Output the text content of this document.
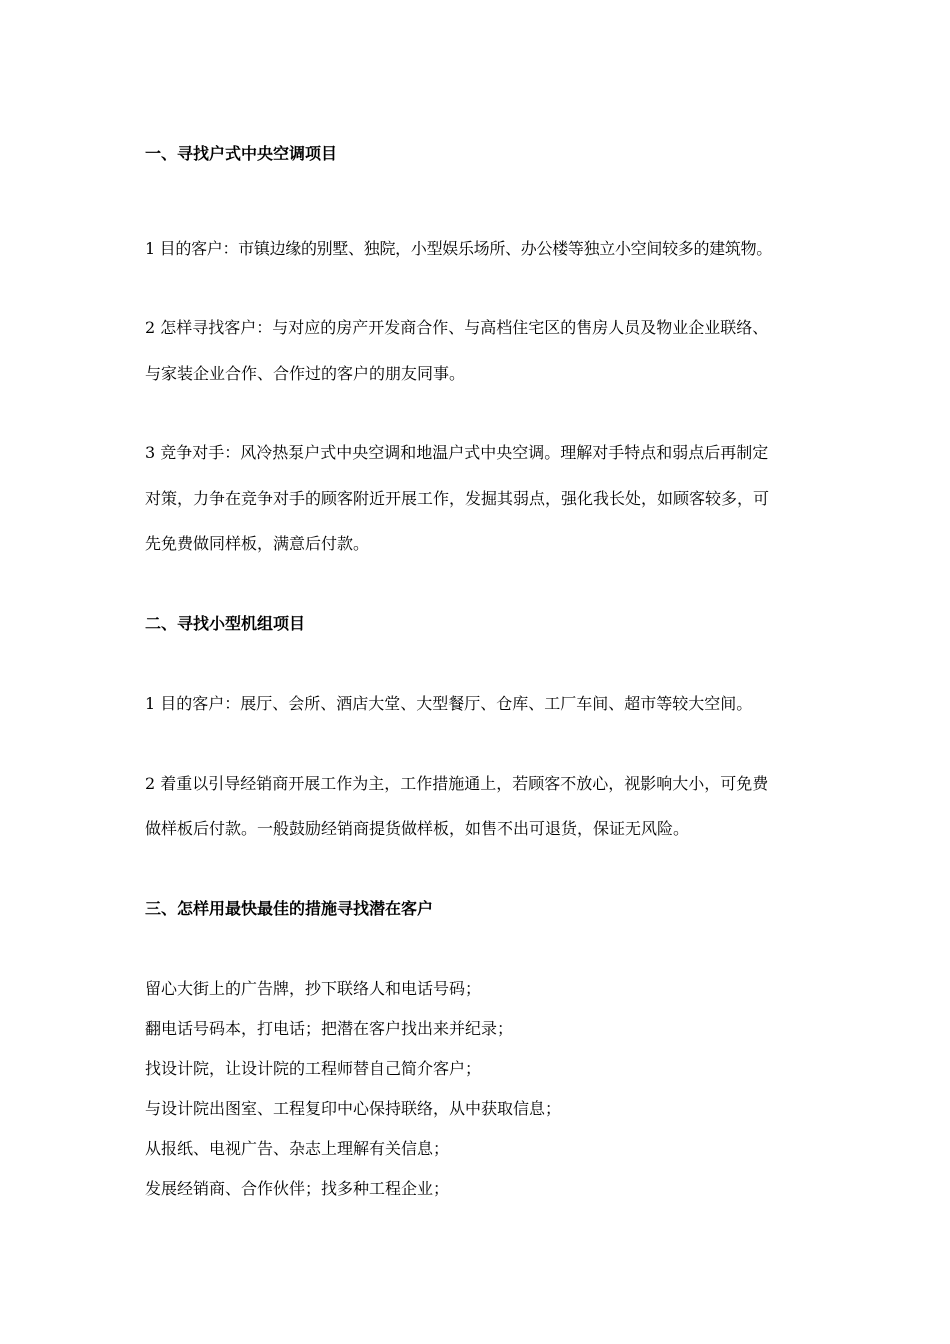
一、寻找户式中央空调项目
1 目的客户：市镇边缘的别墅、独院，小型娱乐场所、办公楼等独立小空间较多的建筑物。
2 怎样寻找客户：与对应的房产开发商合作、与高档住宅区的售房人员及物业企业联络、
与家装企业合作、合作过的客户的朋友同事。
3 竞争对手：风冷热泵户式中央空调和地温户式中央空调。理解对手特点和弱点后再制定
对策，力争在竞争对手的顾客附近开展工作，发掘其弱点，强化我长处，如顾客较多，可
先免费做同样板，满意后付款。
二、寻找小型机组项目
1 目的客户：展厅、会所、酒店大堂、大型餐厅、仓库、工厂车间、超市等较大空间。
2 着重以引导经销商开展工作为主，工作措施通上，若顾客不放心，视影响大小，可免费
做样板后付款。一般鼓励经销商提货做样板，如售不出可退货，保证无风险。
三、怎样用最快最佳的措施寻找潜在客户
留心大街上的广告牌，抄下联络人和电话号码；
翻电话号码本，打电话；把潜在客户找出来并纪录；
找设计院，让设计院的工程师替自己简介客户；
与设计院出图室、工程复印中心保持联络，从中获取信息；
从报纸、电视广告、杂志上理解有关信息；
发展经销商、合作伙伴；找多种工程企业；
